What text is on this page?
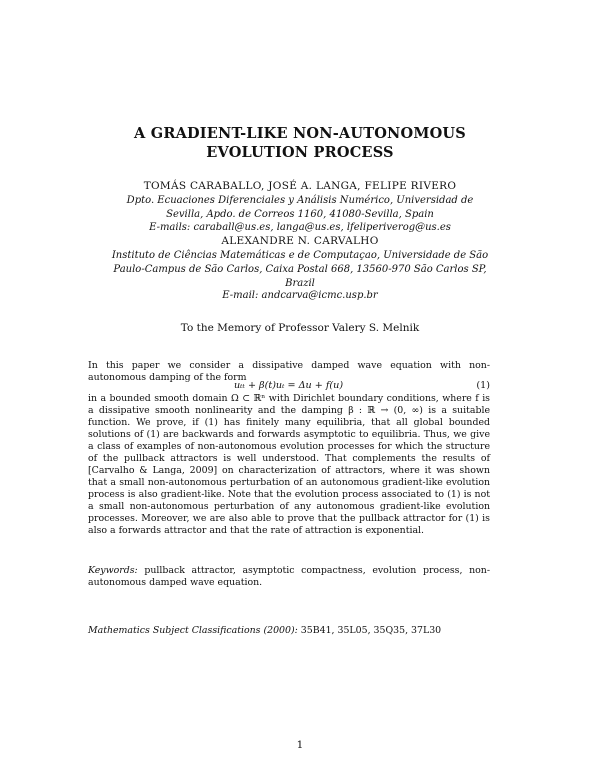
A GRADIENT-LIKE NON-AUTONOMOUS
EVOLUTION PROCESS
TOMÁS CARABALLO, JOSÉ A. LANGA, FELIPE RIVERO
Dpto. Ecuaciones Diferenciales y Análisis Numérico, Universidad de Sevilla, Apdo. de Correos 1160, 41080-Sevilla, Spain
E-mails: caraball@us.es, langa@us.es, lfeliperiverog@us.es
ALEXANDRE N. CARVALHO
Instituto de Ciências Matemáticas e de Computaçao, Universidade de São Paulo-Campus de São Carlos, Caixa Postal 668, 13560-970 São Carlos SP, Brazil
E-mail: andcarva@icmc.usp.br
To the Memory of Professor Valery S. Melnik

In this paper we consider a dissipative damped wave equation with non-autonomous damping of the form

uₜₜ + β(t)uₜ = Δu + f(u)	(1)

in a bounded smooth domain Ω ⊂ ℝⁿ with Dirichlet boundary conditions, where f is a dissipative smooth nonlinearity and the damping β : ℝ → (0, ∞) is a suitable function. We prove, if (1) has finitely many equilibria, that all global bounded solutions of (1) are backwards and forwards asymptotic to equilibria. Thus, we give a class of examples of non-autonomous evolution processes for which the structure of the pullback attractors is well understood. That complements the results of [Carvalho & Langa, 2009] on characterization of attractors, where it was shown that a small non-autonomous perturbation of an autonomous gradient-like evolution process is also gradient-like. Note that the evolution process associated to (1) is not a small non-autonomous perturbation of any autonomous gradient-like evolution processes. Moreover, we are also able to prove that the pullback attractor for (1) is also a forwards attractor and that the rate of attraction is exponential.

Keywords: pullback attractor, asymptotic compactness, evolution process, non-autonomous damped wave equation.

Mathematics Subject Classifications (2000): 35B41, 35L05, 35Q35, 37L30
1
